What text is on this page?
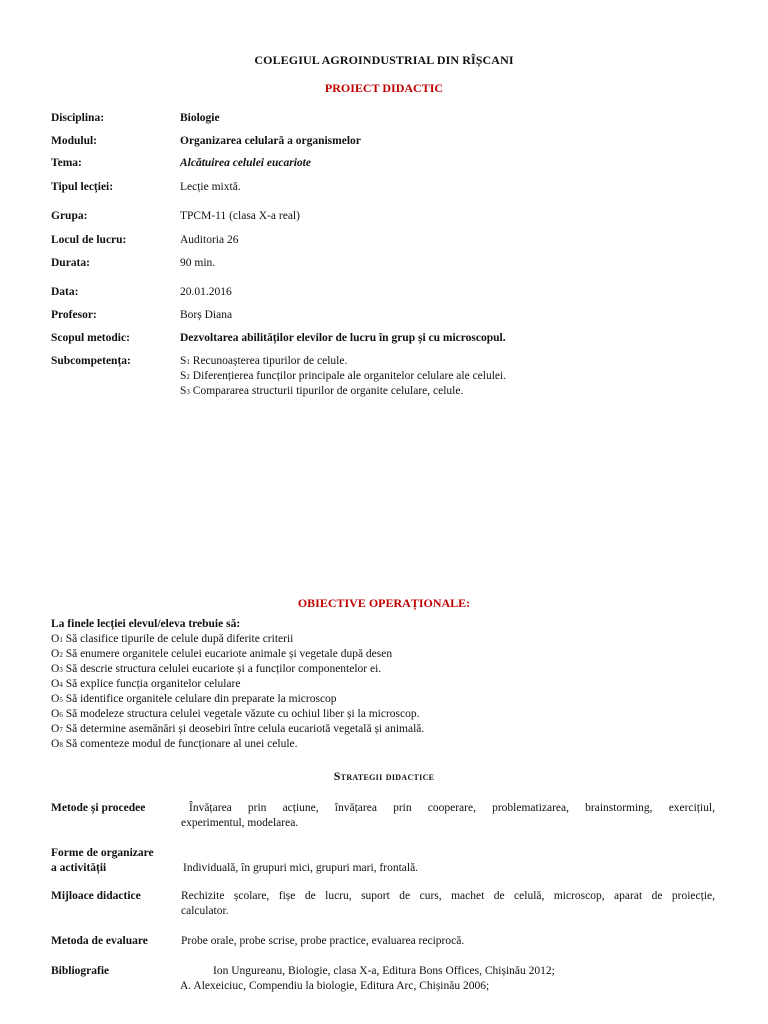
COLEGIUL AGROINDUSTRIAL DIN RÎȘCANI
PROIECT DIDACTIC
Disciplina:	Biologie
Modulul:	Organizarea celulară a organismelor
Tema:	Alcătuirea celulei eucariote
Tipul lecției:	Lecție mixtă.
Grupa:	TPCM-11 (clasa X-a real)
Locul de lucru:	Auditoria 26
Durata:	90 min.
Data:	20.01.2016
Profesor:	Borș Diana
Scopul metodic:	Dezvoltarea abilităților elevilor de lucru în grup și cu microscopul.
Subcompetența:	S1 Recunoașterea tipurilor de celule.
S2 Diferențierea funcților principale ale organitelor celulare ale celulei.
S3 Compararea structurii tipurilor de organite celulare, celule.
OBIECTIVE OPERAȚIONALE:
La finele lecției elevul/eleva trebuie să:
O1 Să clasifice tipurile de celule după diferite criterii
O2 Să enumere organitele celulei eucariote animale și vegetale după desen
O3 Să descrie structura celulei eucariote și a funcților componentelor ei.
O4 Să explice funcția organitelor celulare
O5 Să identifice organitele celulare din preparate la microscop
O6 Să modeleze structura celulei vegetale văzute cu ochiul liber și la microscop.
O7 Să determine asemănări și deosebiri între celula eucariotă vegetală și animală.
O8 Să comenteze modul de funcționare al unei celule.
Strategii didactice
Metode și procedee	Învățarea prin acțiune, învățarea prin cooperare, problematizarea, brainstorming, exercițiul,
experimentul, modelarea.
Forme de organizare
a activității	Individuală, în grupuri mici, grupuri mari, frontală.
Mijloace didactice	Rechizite școlare, fișe de lucru, suport de curs, machet de celulă, microscop, aparat de proiecție,
calculator.
Metoda de evaluare	Probe orale, probe scrise, probe practice, evaluarea reciprocă.
Bibliografie	Ion Ungureanu, Biologie, clasa X-a, Editura Bons Offices, Chișinău 2012;
A. Alexeiciuc, Compendiu la biologie, Editura Arc, Chișinău 2006;
